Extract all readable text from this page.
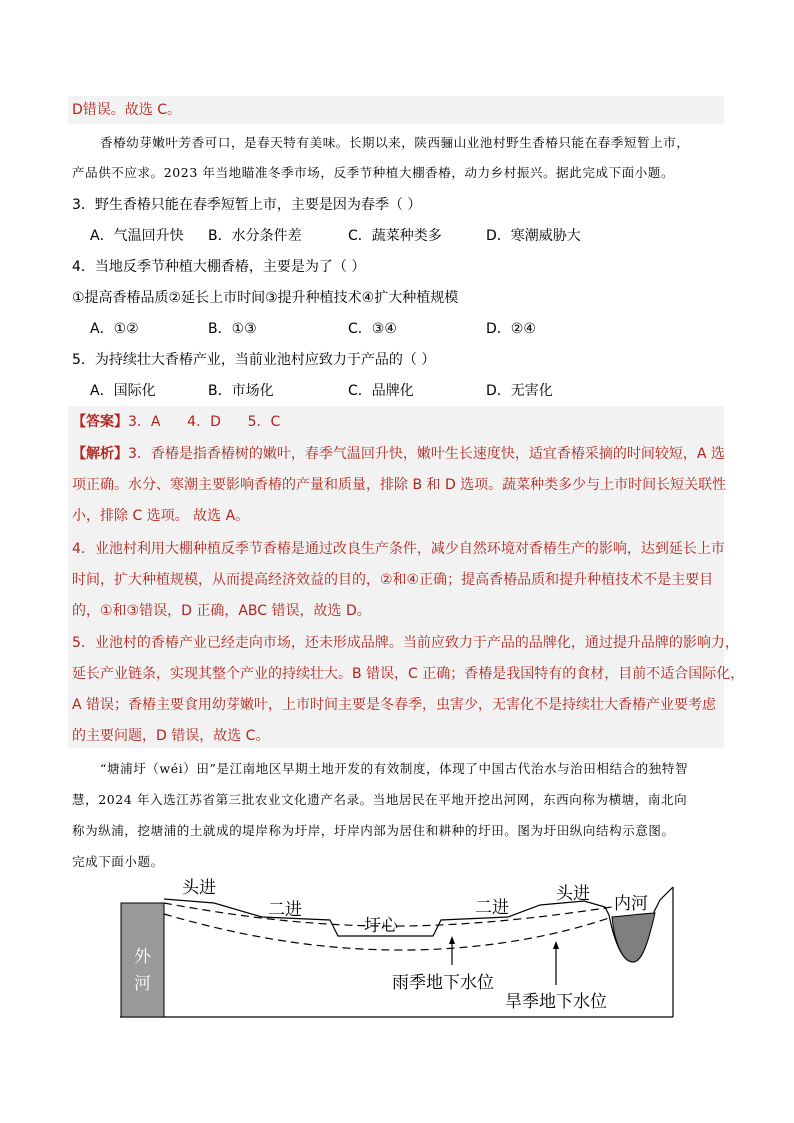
D错误。故选 C。
香椿幼芽嫩叶芳香可口，是春天特有美味。长期以来，陕西骊山业池村野生香椿只能在春季短暂上市，
产品供不应求。2023 年当地瞄准冬季市场，反季节种植大棚香椿，动力乡村振兴。据此完成下面小题。
3．野生香椿只能在春季短暂上市，主要是因为春季（ ）
A．气温回升快 B．水分条件差	C．蔬菜种类多	D．寒潮威胁大
4．当地反季节种植大棚香椿，主要是为了（ ）
①提高香椿品质②延长上市时间③提升种植技术④扩大种植规模
A．①②	B．①③	C．③④	D．②④
5．为持续壮大香椿产业，当前业池村应致力于产品的（ ）
A．国际化	B．市场化	C．品牌化	D．无害化
【答案】3．A      4．D      5．C
【解析】3．香椿是指香椿树的嫩叶，春季气温回升快，嫩叶生长速度快，适宜香椿采摘的时间较短，A 选
项正确。水分、寒潮主要影响香椿的产量和质量，排除 B 和 D 选项。蔬菜种类多少与上市时间长短关联性
小，排除 C 选项。 故选 A。
4．业池村利用大棚种植反季节香椿是通过改良生产条件，减少自然环境对香椿生产的影响，达到延长上市
时间，扩大种植规模，从而提高经济效益的目的，②和④正确；提高香椿品质和提升种植技术不是主要目
的，①和③错误，D 正确，ABC 错误，故选 D。
5．业池村的香椿产业已经走向市场，还未形成品牌。当前应致力于产品的品牌化，通过提升品牌的影响力，
延长产业链条，实现其整个产业的持续壮大。B 错误，C 正确；香椿是我国特有的食材，目前不适合国际化，
A 错误；香椿主要食用幼芽嫩叶，上市时间主要是冬春季，虫害少，无害化不是持续壮大香椿产业要考虑
的主要问题，D 错误，故选 C。
“塘浦圩（wéi）田”是江南地区早期土地开发的有效制度，体现了中国古代治水与治田相结合的独特智
慧，2024 年入选江苏省第三批农业文化遗产名录。当地居民在平地开挖出河网，东西向称为横塘，南北向
称为纵浦，挖塘浦的土就成的堤岸称为圩岸，圩岸内部为居住和耕种的圩田。图为圩田纵向结构示意图。
完成下面小题。
头进
二进
圩心
二进
头进 内河
雨季地下水位
旱季地下水位
外
河
